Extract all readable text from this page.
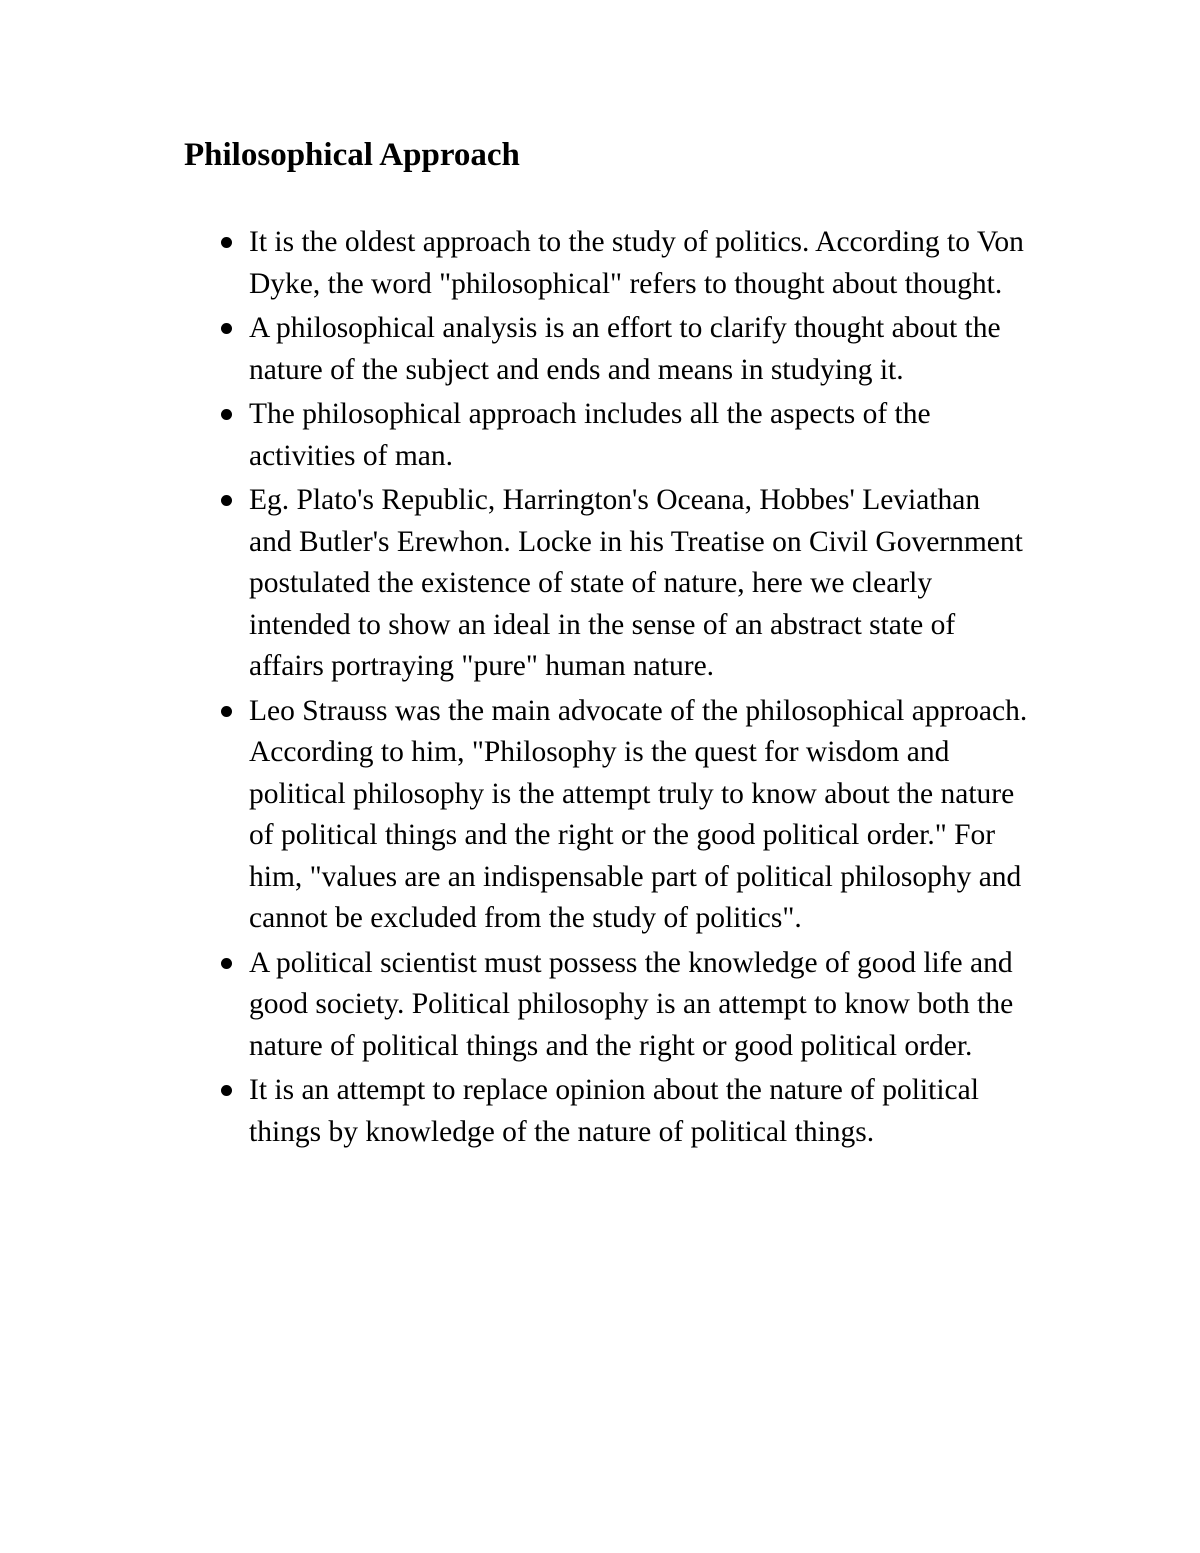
Philosophical Approach
It is the oldest approach to the study of politics. According to Von Dyke, the word "philosophical" refers to thought about thought.
A philosophical analysis is an effort to clarify thought about the nature of the subject and ends and means in studying it.
The philosophical approach includes all the aspects of the activities of man.
Eg. Plato's Republic, Harrington's Oceana, Hobbes' Leviathan and Butler's Erewhon. Locke in his Treatise on Civil Government postulated the existence of state of nature, here we clearly intended to show an ideal in the sense of an abstract state of affairs portraying "pure" human nature.
Leo Strauss was the main advocate of the philosophical approach. According to him, "Philosophy is the quest for wisdom and political philosophy is the attempt truly to know about the nature of political things and the right or the good political order." For him, "values are an indispensable part of political philosophy and cannot be excluded from the study of politics".
A political scientist must possess the knowledge of good life and good society. Political philosophy is an attempt to know both the nature of political things and the right or good political order.
It is an attempt to replace opinion about the nature of political things by knowledge of the nature of political things.
